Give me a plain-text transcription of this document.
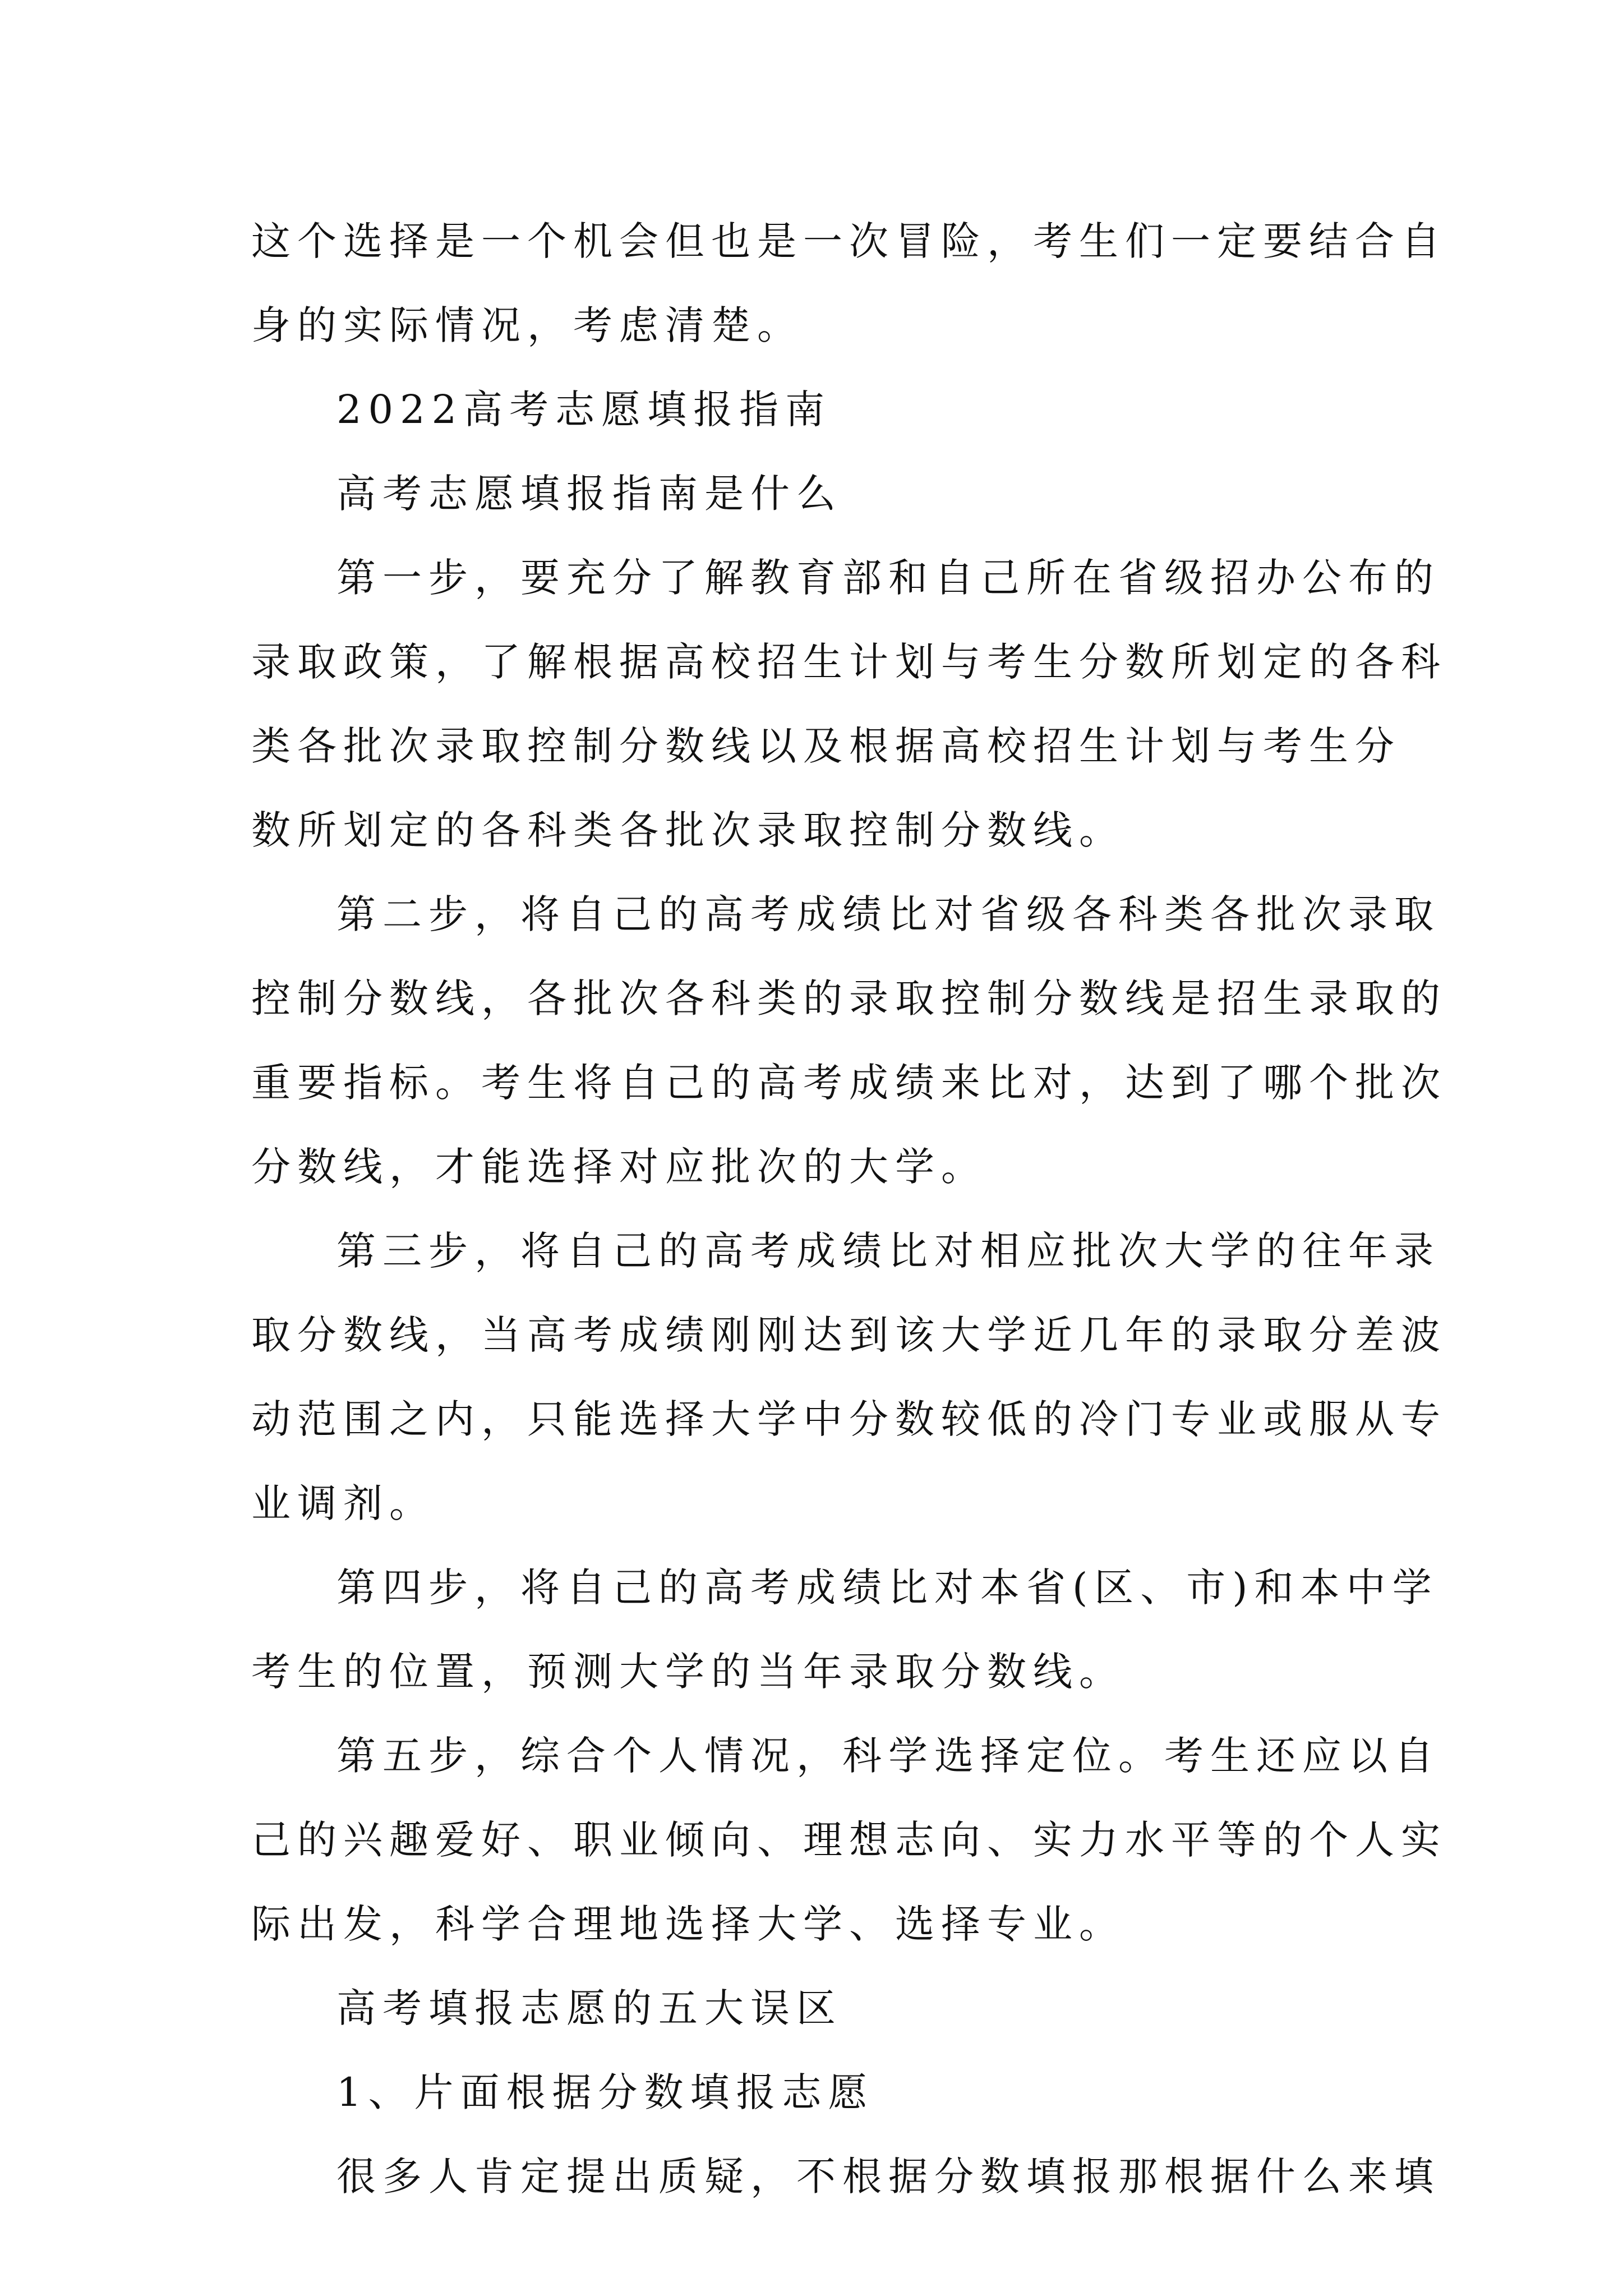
这个选择是一个机会但也是一次冒险，考生们一定要结合自
身的实际情况，考虑清楚。
2022高考志愿填报指南
高考志愿填报指南是什么
第一步，要充分了解教育部和自己所在省级招办公布的
录取政策，了解根据高校招生计划与考生分数所划定的各科
类各批次录取控制分数线以及根据高校招生计划与考生分
数所划定的各科类各批次录取控制分数线。
第二步，将自己的高考成绩比对省级各科类各批次录取
控制分数线，各批次各科类的录取控制分数线是招生录取的
重要指标。考生将自己的高考成绩来比对，达到了哪个批次
分数线，才能选择对应批次的大学。
第三步，将自己的高考成绩比对相应批次大学的往年录
取分数线，当高考成绩刚刚达到该大学近几年的录取分差波
动范围之内，只能选择大学中分数较低的冷门专业或服从专
业调剂。
第四步，将自己的高考成绩比对本省(区、市)和本中学
考生的位置，预测大学的当年录取分数线。
第五步，综合个人情况，科学选择定位。考生还应以自
己的兴趣爱好、职业倾向、理想志向、实力水平等的个人实
际出发，科学合理地选择大学、选择专业。
高考填报志愿的五大误区
1、片面根据分数填报志愿
很多人肯定提出质疑，不根据分数填报那根据什么来填
